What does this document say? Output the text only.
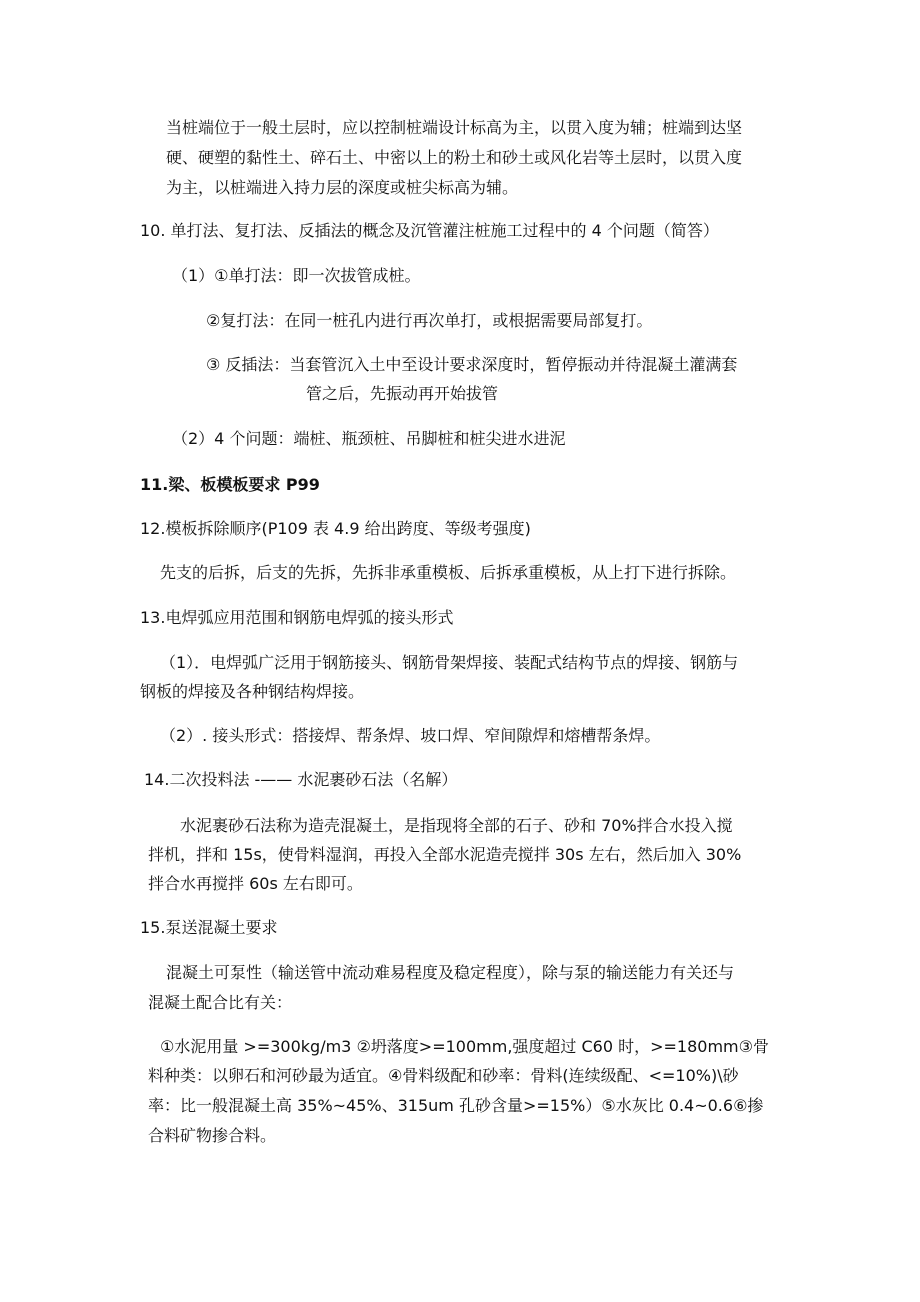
当桩端位于一般土层时，应以控制桩端设计标高为主，以贯入度为辅；桩端到达坚

硬、硬塑的黏性土、碎石土、中密以上的粉土和砂土或风化岩等土层时，以贯入度

为主，以桩端进入持力层的深度或桩尖标高为辅。

10. 单打法、复打法、反插法的概念及沉管灌注桩施工过程中的 4 个问题（简答）

（1）①单打法：即一次拔管成桩。

②复打法：在同一桩孔内进行再次单打，或根据需要局部复打。

③ 反插法：当套管沉入土中至设计要求深度时，暂停振动并待混凝土灌满套

管之后，先振动再开始拔管

（2）4 个问题：端桩、瓶颈桩、吊脚桩和桩尖进水进泥

11.梁、板模板要求 P99

12.模板拆除顺序(P109 表 4.9 给出跨度、等级考强度)

先支的后拆，后支的先拆，先拆非承重模板、后拆承重模板，从上打下进行拆除。

13.电焊弧应用范围和钢筋电焊弧的接头形式

（1）．电焊弧广泛用于钢筋接头、钢筋骨架焊接、装配式结构节点的焊接、钢筋与

钢板的焊接及各种钢结构焊接。

（2）. 接头形式：搭接焊、帮条焊、坡口焊、窄间隙焊和熔槽帮条焊。

14.二次投料法 -—— 水泥裹砂石法（名解）

水泥裹砂石法称为造壳混凝土，是指现将全部的石子、砂和 70%拌合水投入搅

拌机，拌和 15s，使骨料湿润，再投入全部水泥造壳搅拌 30s 左右，然后加入 30%

拌合水再搅拌 60s 左右即可。

15.泵送混凝土要求

混凝土可泵性（输送管中流动难易程度及稳定程度），除与泵的输送能力有关还与

混凝土配合比有关：

①水泥用量 >=300kg/m3 ②坍落度>=100mm,强度超过 C60 时，>=180mm③骨

料种类：以卵石和河砂最为适宜。④骨料级配和砂率：骨料(连续级配、<=10%)\砂

率：比一般混凝土高 35%~45%、315um 孔砂含量>=15%）⑤水灰比 0.4~0.6⑥掺

合料矿物掺合料。
